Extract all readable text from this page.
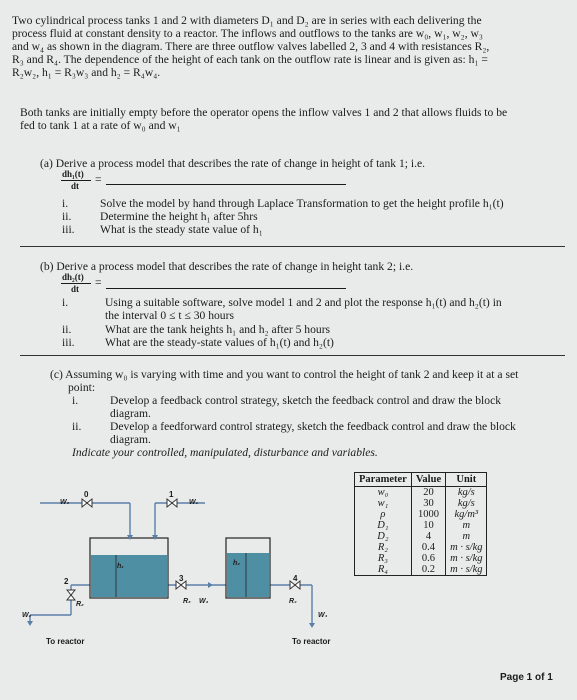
Two cylindrical process tanks 1 and 2 with diameters D₁ and D₂ are in series with each delivering the
process fluid at constant density to a reactor. The inflows and outflows to the tanks are w₀, w₁, w₂, w₃
and w₄ as shown in the diagram. There are three outflow valves labelled 2, 3 and 4 with resistances R₂,
R₃ and R₄. The dependence of the height of each tank on the outflow rate is linear and is given as: h₁ =
R₂w₂, h₁ = R₃w₃ and h₂ = R₄w₄.
Both tanks are initially empty before the operator opens the inflow valves 1 and 2 that allows fluids to be
fed to tank 1 at a rate of w₀ and w₁
(a) Derive a process model that describes the rate of change in height of tank 1; i.e.
dh₁(t)
dt =
i.	Solve the model by hand through Laplace Transformation to get the height profile h₁(t)
ii. Determine the height h₁ after 5hrs
iii. What is the steady state value of h₁
(b) Derive a process model that describes the rate of change in height tank 2; i.e.
dh₂(t)
dt =
i.	Using a suitable software, solve model 1 and 2 and plot the response h₁(t) and h₂(t) in
the interval 0 ≤ t ≤ 30 hours
ii.	What are the tank heights h₁ and h₂ after 5 hours
iii.	What are the steady-state values of h₁(t) and h₂(t)
(c) Assuming w₀ is varying with time and you want to control the height of tank 2 and keep it at a set
point:
i.	Develop a feedback control strategy, sketch the feedback control and draw the block
diagram.
ii. Develop a feedforward control strategy, sketch the feedback control and draw the block
diagram.
Indicate your controlled, manipulated, disturbance and variables.
0	1
W₀	W₁
h₁	h₂
2	3	4
R₂	R₃ W₃	R₄
W₄
W₂
To reactor	To reactor
Parameter	Value	Unit
w₀	20	kg/s
w₁	30	kg/s
ρ	1000	kg/m³
D₁	10	m
D₂	4	m
R₂	0.4	m · s/kg
R₃	0.6	m · s/kg
R₄	0.2	m · s/kg
Page 1 of 1
